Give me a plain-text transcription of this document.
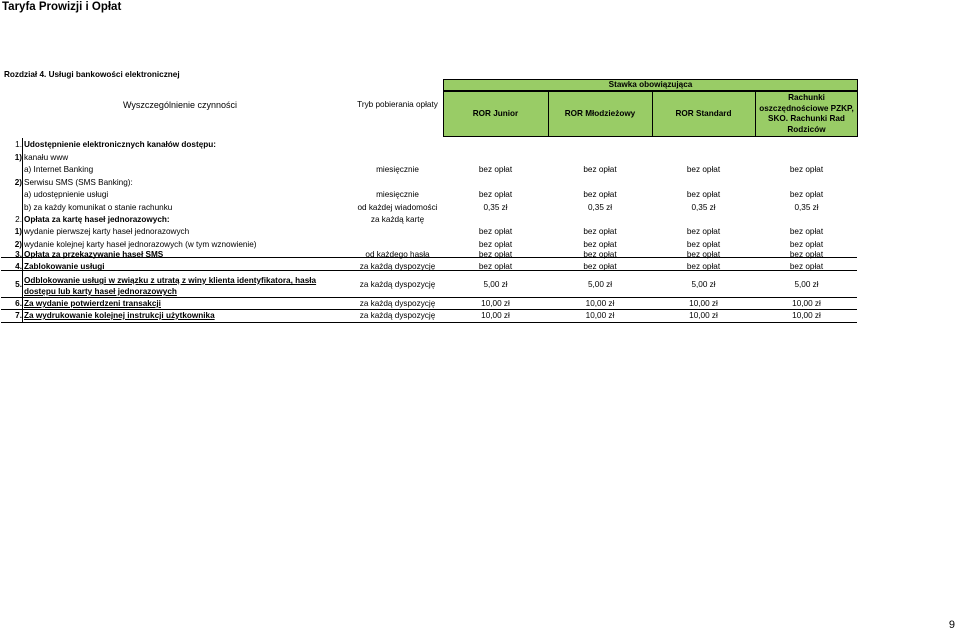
Taryfa Prowizji i Opłat
Rozdział 4. Usługi bankowości elektronicznej
Stawka obowiązująca
Wyszczególnienie czynności	Tryb pobierania opłaty
ROR Junior	ROR Młodzieżowy	ROR Standard
Rachunki
oszczędnościowe PZKP,
SKO. Rachunki Rad
Rodziców
1. Udostępnienie elektronicznych kanałów dostępu:
1) kanału www
a) Internet Banking	miesięcznie	bez opłat	bez opłat	bez opłat	bez opłat
2) Serwisu SMS (SMS Banking):
a) udostępnienie usługi	miesięcznie	bez opłat	bez opłat	bez opłat	bez opłat
b) za każdy komunikat o stanie rachunku	od każdej wiadomości	0,35 zł	0,35 zł	0,35 zł	0,35 zł
2. Opłata za kartę haseł jednorazowych:	za każdą kartę
1) wydanie pierwszej karty haseł jednorazowych	bez opłat	bez opłat	bez opłat	bez opłat
2) wydanie kolejnej karty haseł jednorazowych (w tym wznowienie)	bez opłat	bez opłat	bez opłat	bez opłat
3. Opłata za przekazywanie haseł SMS	od każdego hasła	bez opłat	bez opłat	bez opłat	bez opłat
4. Zablokowanie usługi	za każdą dyspozycję	bez opłat	bez opłat	bez opłat	bez opłat
5. Odblokowanie usługi w związku z utratą z winy klienta identyfikatora, hasła
dostępu lub karty haseł jednorazowych
za każdą dyspozycję	5,00 zł	5,00 zł	5,00 zł	5,00 zł
6. Za wydanie potwierdzeni transakcji	za każdą dyspozycję	10,00 zł	10,00 zł	10,00 zł	10,00 zł
7. Za wydrukowanie kolejnej instrukcji użytkownika	za każdą dyspozycję	10,00 zł	10,00 zł	10,00 zł	10,00 zł
9
